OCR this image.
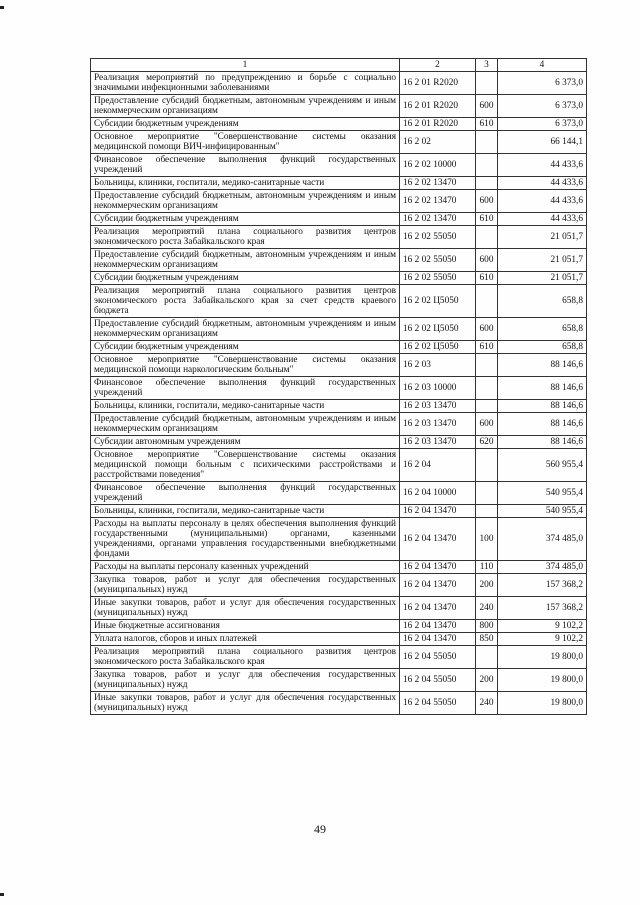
1	2	3	4
Реализация мероприятий по предупреждению и борьбе с социально значимыми инфекционными заболеваниями	16 2 01 R2020		6 373,0
Предоставление субсидий бюджетным, автономным учреждениям и иным некоммерческим организациям	16 2 01 R2020	600	6 373,0
Субсидии бюджетным учреждениям	16 2 01 R2020	610	6 373,0
Основное мероприятие "Совершенствование системы оказания медицинской помощи ВИЧ-инфицированным"	16 2 02		66 144,1
Финансовое обеспечение выполнения функций государственных учреждений	16 2 02 10000		44 433,6
Больницы, клиники, госпитали, медико-санитарные части	16 2 02 13470		44 433,6
Предоставление субсидий бюджетным, автономным учреждениям и иным некоммерческим организациям	16 2 02 13470	600	44 433,6
Субсидии бюджетным учреждениям	16 2 02 13470	610	44 433,6
Реализация мероприятий плана социального развития центров экономического роста Забайкальского края	16 2 02 55050		21 051,7
Предоставление субсидий бюджетным, автономным учреждениям и иным некоммерческим организациям	16 2 02 55050	600	21 051,7
Субсидии бюджетным учреждениям	16 2 02 55050	610	21 051,7
Реализация мероприятий плана социального развития центров экономического роста Забайкальского края за счет средств краевого бюджета	16 2 02 Ц5050		658,8
Предоставление субсидий бюджетным, автономным учреждениям и иным некоммерческим организациям	16 2 02 Ц5050	600	658,8
Субсидии бюджетным учреждениям	16 2 02 Ц5050	610	658,8
Основное мероприятие "Совершенствование системы оказания медицинской помощи наркологическим больным"	16 2 03		88 146,6
Финансовое обеспечение выполнения функций государственных учреждений	16 2 03 10000		88 146,6
Больницы, клиники, госпитали, медико-санитарные части	16 2 03 13470		88 146,6
Предоставление субсидий бюджетным, автономным учреждениям и иным некоммерческим организациям	16 2 03 13470	600	88 146,6
Субсидии автономным учреждениям	16 2 03 13470	620	88 146,6
Основное мероприятие "Совершенствование системы оказания медицинской помощи больным с психическими расстройствами и расстройствами поведения"	16 2 04		560 955,4
Финансовое обеспечение выполнения функций государственных учреждений	16 2 04 10000		540 955,4
Больницы, клиники, госпитали, медико-санитарные части	16 2 04 13470		540 955,4
Расходы на выплаты персоналу в целях обеспечения выполнения функций государственными (муниципальными) органами, казенными учреждениями, органами управления государственными внебюджетными фондами	16 2 04 13470	100	374 485,0
Расходы на выплаты персоналу казенных учреждений	16 2 04 13470	110	374 485,0
Закупка товаров, работ и услуг для обеспечения государственных (муниципальных) нужд	16 2 04 13470	200	157 368,2
Иные закупки товаров, работ и услуг для обеспечения государственных (муниципальных) нужд	16 2 04 13470	240	157 368,2
Иные бюджетные ассигнования	16 2 04 13470	800	9 102,2
Уплата налогов, сборов и иных платежей	16 2 04 13470	850	9 102,2
Реализация мероприятий плана социального развития центров экономического роста Забайкальского края	16 2 04 55050		19 800,0
Закупка товаров, работ и услуг для обеспечения государственных (муниципальных) нужд	16 2 04 55050	200	19 800,0
Иные закупки товаров, работ и услуг для обеспечения государственных (муниципальных) нужд	16 2 04 55050	240	19 800,0
49
